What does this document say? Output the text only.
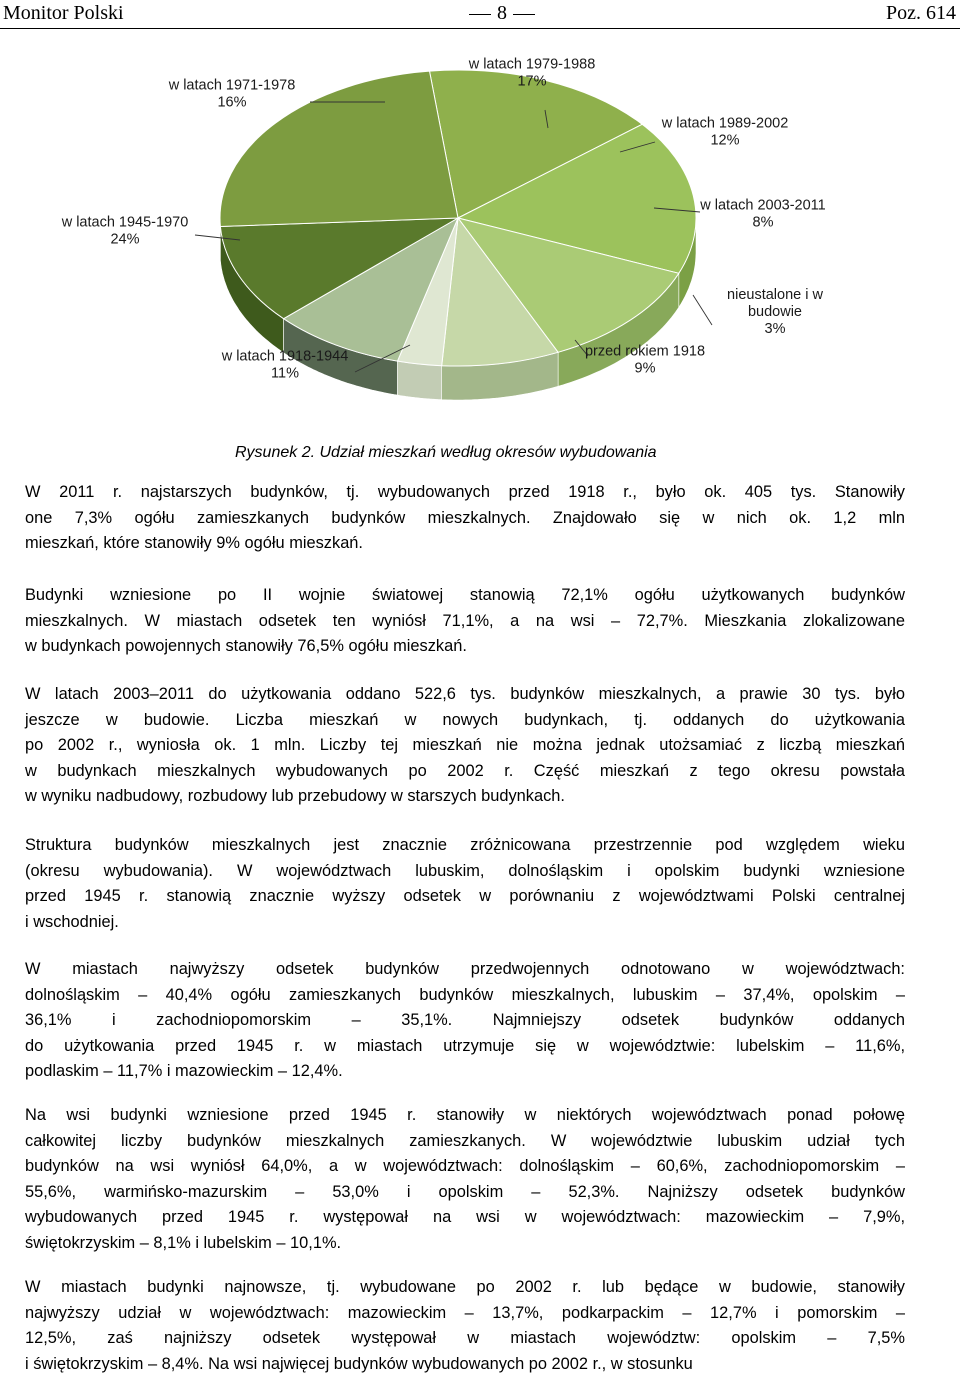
Monitor Polski	8	Poz. 614
w latach 1971-1978 16%
w latach 1979-1988 17%
w latach 1989-2002 12%
w latach 2003-2011 8%
nieustalone i w budowie 3%
przed rokiem 1918 9%
w latach 1918-1944 11%
w latach 1945-1970 24%
Rysunek 2. Udział mieszkań według okresów wybudowania
W 2011 r. najstarszych budynków, tj. wybudowanych przed 1918 r., było ok. 405 tys. Stanowiły
one 7,3% ogółu zamieszkanych budynków mieszkalnych. Znajdowało się w nich ok. 1,2 mln
mieszkań, które stanowiły 9% ogółu mieszkań.
Budynki wzniesione po II wojnie światowej stanowią 72,1% ogółu użytkowanych budynków
mieszkalnych. W miastach odsetek ten wyniósł 71,1%, a na wsi – 72,7%. Mieszkania zlokalizowane
w budynkach powojennych stanowiły 76,5% ogółu mieszkań.
W latach 2003–2011 do użytkowania oddano 522,6 tys. budynków mieszkalnych, a prawie 30 tys. było
jeszcze w budowie. Liczba mieszkań w nowych budynkach, tj. oddanych do użytkowania
po 2002 r., wyniosła ok. 1 mln. Liczby tej mieszkań nie można jednak utożsamiać z liczbą mieszkań
w budynkach mieszkalnych wybudowanych po 2002 r. Część mieszkań z tego okresu powstała
w wyniku nadbudowy, rozbudowy lub przebudowy w starszych budynkach.
Struktura budynków mieszkalnych jest znacznie zróżnicowana przestrzennie pod względem wieku
(okresu wybudowania). W województwach lubuskim, dolnośląskim i opolskim budynki wzniesione
przed 1945 r. stanowią znacznie wyższy odsetek w porównaniu z województwami Polski centralnej
i wschodniej.
W miastach najwyższy odsetek budynków przedwojennych odnotowano w województwach:
dolnośląskim – 40,4% ogółu zamieszkanych budynków mieszkalnych, lubuskim – 37,4%, opolskim –
36,1% i zachodniopomorskim – 35,1%. Najmniejszy odsetek budynków oddanych
do użytkowania przed 1945 r. w miastach utrzymuje się w województwie: lubelskim – 11,6%,
podlaskim – 11,7% i mazowieckim – 12,4%.
Na wsi budynki wzniesione przed 1945 r. stanowiły w niektórych województwach ponad połowę
całkowitej liczby budynków mieszkalnych zamieszkanych. W województwie lubuskim udział tych
budynków na wsi wyniósł 64,0%, a w województwach: dolnośląskim – 60,6%, zachodniopomorskim –
55,6%, warmińsko-mazurskim – 53,0% i opolskim – 52,3%. Najniższy odsetek budynków
wybudowanych przed 1945 r. występował na wsi w województwach: mazowieckim – 7,9%,
świętokrzyskim – 8,1% i lubelskim – 10,1%.
W miastach budynki najnowsze, tj. wybudowane po 2002 r. lub będące w budowie, stanowiły
najwyższy udział w województwach: mazowieckim – 13,7%, podkarpackim – 12,7% i pomorskim –
12,5%, zaś najniższy odsetek występował w miastach województw: opolskim – 7,5%
i świętokrzyskim – 8,4%. Na wsi najwięcej budynków wybudowanych po 2002 r., w stosunku
